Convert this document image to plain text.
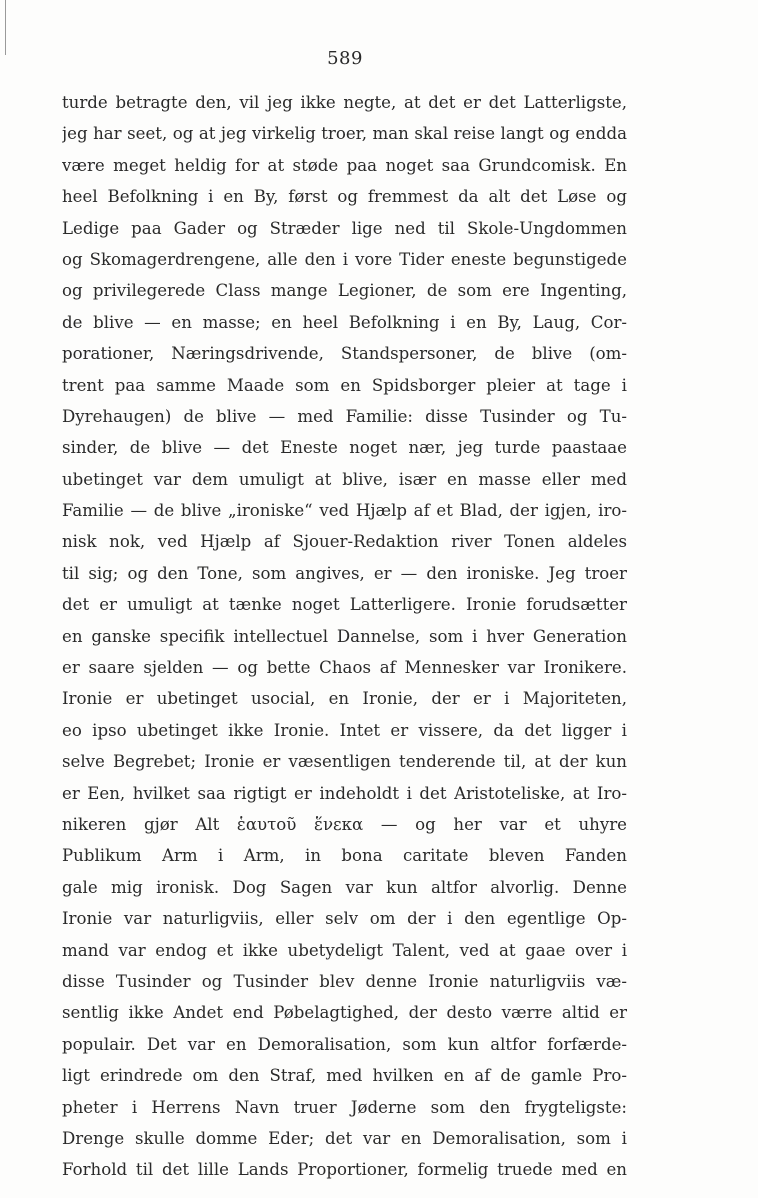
589
turde betragte den, vil jeg ikke negte, at det er det Latterligste,
jeg har seet, og at jeg virkelig troer, man skal reise langt og endda
være meget heldig for at støde paa noget saa Grundcomisk. En
heel Befolkning i en By, først og fremmest da alt det Løse og
Ledige paa Gader og Stræder lige ned til Skole-Ungdommen
og Skomagerdrengene, alle den i vore Tider eneste begunstigede
og privilegerede Class mange Legioner, de som ere Ingenting,
de blive — en masse; en heel Befolkning i en By, Laug, Cor-
porationer, Næringsdrivende, Standspersoner, de blive (om-
trent paa samme Maade som en Spidsborger pleier at tage i
Dyrehaugen) de blive — med Familie: disse Tusinder og Tu-
sinder, de blive — det Eneste noget nær, jeg turde paastaae
ubetinget var dem umuligt at blive, især en masse eller med
Familie — de blive „ironiske“ ved Hjælp af et Blad, der igjen, iro-
nisk nok, ved Hjælp af Sjouer-Redaktion river Tonen aldeles
til sig; og den Tone, som angives, er — den ironiske. Jeg troer
det er umuligt at tænke noget Latterligere. Ironie forudsætter
en ganske specifik intellectuel Dannelse, som i hver Generation
er saare sjelden — og bette Chaos af Mennesker var Ironikere.
Ironie er ubetinget usocial, en Ironie, der er i Majoriteten,
eo ipso ubetinget ikke Ironie. Intet er vissere, da det ligger i
selve Begrebet; Ironie er væsentligen tenderende til, at der kun
er Een, hvilket saa rigtigt er indeholdt i det Aristoteliske, at Iro-
nikeren gjør Alt ἑαυτοῦ ἕνεκα — og her var et uhyre
Publikum Arm i Arm, in bona caritate bleven Fanden
gale mig ironisk. Dog Sagen var kun altfor alvorlig. Denne
Ironie var naturligviis, eller selv om der i den egentlige Op-
mand var endog et ikke ubetydeligt Talent, ved at gaae over i
disse Tusinder og Tusinder blev denne Ironie naturligviis væ-
sentlig ikke Andet end Pøbelagtighed, der desto værre altid er
populair. Det var en Demoralisation, som kun altfor forfærde-
ligt erindrede om den Straf, med hvilken en af de gamle Pro-
pheter i Herrens Navn truer Jøderne som den frygteligste:
Drenge skulle domme Eder; det var en Demoralisation, som i
Forhold til det lille Lands Proportioner, formelig truede med en
